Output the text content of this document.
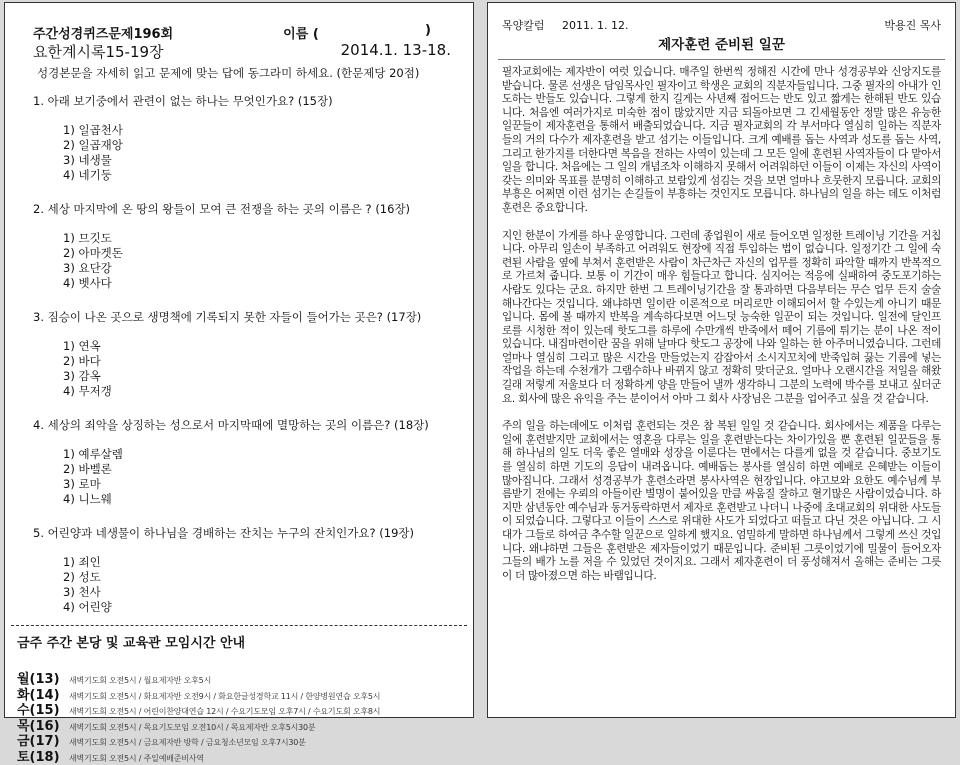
주간성경퀴즈문제196회	이름 (	)
요한계시록15-19장	2014.1. 13-18.
성경본문을 자세히 읽고 문제에 맞는 답에 동그라미 하세요. (한문제당 20점)
1. 아래 보기중에서 관련이 없는 하나는 무엇인가요? (15장)
1) 일곱천사
2) 일곱재앙
3) 네생물
4) 네기둥
2. 세상 마지막에 온 땅의 왕들이 모여 큰 전쟁을 하는 곳의 이름은 ? (16장)
1) 므깃도
2) 아마겟돈
3) 요단강
4) 벳사다
3. 짐승이 나온 곳으로 생명책에 기록되지 못한 자들이 들어가는 곳은? (17장)
1) 연옥
2) 바다
3) 감옥
4) 무저갱
4. 세상의 죄악을 상징하는 성으로서 마지막때에 멸망하는 곳의 이름은? (18장)
1) 예루살렘
2) 바벨론
3) 로마
4) 니느웨
5. 어린양과 네생물이 하나님을 경배하는 잔치는 누구의 잔치인가요? (19장)
1) 죄인
2) 성도
3) 천사
4) 어린양
금주 주간 본당 및 교육관 모임시간 안내
월(13)	새벽기도회 오전5시 / 월요제자반 오후5시
화(14)	새벽기도회 오전5시 / 화요제자반 오전9시 / 화요한글성경학교 11시 / 한양병원연습 오후5시
수(15)	새벽기도회 오전5시 / 어린이찬양대연습 12시 / 수요기도모임 오후7시 / 수요기도회 오후8시
목(16)	새벽기도회 오전5시 / 목요기도모임 오전10시 / 목요제자반 오후5시30분
금(17)	새벽기도회 오전5시 / 금요제자반 방학 / 금요청소년모임 오후7시30분
토(18)	새벽기도회 오전5시 / 주일예배준비사역
목양칼럼 2011. 1. 12.	박용진 목사
제자훈련 준비된 일꾼

필자교회에는 제자반이 여럿 있습니다. 매주일 한번씩 정해진 시간에 만나 성경공부와 신앙지도를 받습니다. 물론 선생은 담임목사인 필자이고 학생은 교회의 직분자들입니다. 그중 필자의 아내가 인도하는 반들도 있습니다. 그렇게 한지 길게는 사년째 접어드는 반도 있고 짧게는 한해된 반도 있습니다. 처음엔 여러가지로 미숙한 점이 많았지만 지금 되돌아보면 그 긴세월동안 정말 많은 유능한 일꾼들이 제자훈련을 통해서 배출되었습니다. 지금 필자교회의 각 부서마다 열심히 일하는 직분자들의 거의 다수가 제자훈련을 받고 섬기는 이들입니다. 크게 예배를 돕는 사역과 성도를 돕는 사역, 그리고 한가지를 더한다면 복음을 전하는 사역이 있는데 그 모든 일에 훈련된 사역자들이 다 맡아서 일을 합니다. 처음에는 그 일의 개념조차 이해하지 못해서 어려워하던 이들이 이제는 자신의 사역이 갖는 의미와 목표를 분명히 이해하고 보람있게 섬김는 것을 보면 얼마나 흐뭇한지 모릅니다. 교회의 부흥은 어쩌면 이런 섬기는 손길들이 부흥하는 것인지도 모릅니다. 하나님의 일을 하는 데도 이처럼 훈련은 중요합니다.

지인 한분이 가게를 하나 운영합니다. 그런데 종업원이 새로 들어오면 일정한 트레이닝 기간을 거칩니다. 아무리 일손이 부족하고 어려워도 현장에 직접 투입하는 법이 없습니다. 일정기간 그 일에 숙련된 사람을 옆에 부쳐서 훈련받은 사람이 차근차근 자신의 업무를 정확히 파악할 때까지 반복적으로 가르쳐 줍니다. 보통 이 기간이 매우 힘들다고 합니다. 심지어는 적응에 실패하여 중도포기하는 사람도 있다는 군요. 하지만 한번 그 트레이닝기간을 잘 통과하면 다음부터는 무슨 업무 든지 술술 해나간다는 것입니다. 왜냐하면 일이란 이론적으로 머리로만 이해되어서 할 수있는게 아니기 때문입니다. 몸에 볼 때까지 반복을 계속하다보면 어느덧 능숙한 일꾼이 되는 것입니다. 일전에 달인프로를 시청한 적이 있는데 핫도그를 하루에 수만개씩 반죽에서 떼어 기름에 튀기는 분이 나온 적이 있습니다. 내집마련이란 꿈을 위해 날마다 핫도그 공장에 나와 일하는 한 아주머니였습니다. 그런데 얼마나 열심히 그리고 많은 시간을 만들었는지 감잡아서 소시지꼬치에 반죽입혀 끓는 기름에 넣는 작업을 하는데 수천개가 그램수하나 바뀌지 않고 정확히 맞더군요. 얼마나 오랜시간을 저일을 해왔길래 저렇게 저울보다 더 정확하게 양을 만들어 낼까 생각하니 그분의 노력에 박수를 보내고 싶더군요. 회사에 많은 유익을 주는 분이어서 아마 그 회사 사장님은 그분을 업어주고 싶을 것 같습니다.

주의 일을 하는데에도 이처럼 훈련되는 것은 참 복된 일일 것 같습니다. 회사에서는 제품을 다루는 일에 훈련받지만 교회에서는 영혼을 다루는 일을 훈련받는다는 차이가있을 뿐 훈련된 일꾼들을 통해 하나님의 일도 더욱 좋은 열매와 성장을 이룬다는 면에서는 다를게 없을 것 같습니다. 중보기도를 열심히 하면 기도의 응답이 내려옵니다. 예배돕는 봉사를 열심히 하면 예배로 은혜받는 이들이 많아집니다. 그래서 성경공부가 훈련소라면 봉사사역은 현장입니다. 야고보와 요한도 예수님께 부름받기 전에는 우뢰의 아들이란 별명이 붙어있을 만큼 싸움질 잘하고 혈기많은 사람이었습니다. 하지만 삼년동안 예수님과 동거동락하면서 제자로 훈련받고 나더니 나중에 초대교회의 위대한 사도들이 되었습니다. 그렇다고 이들이 스스로 위대한 사도가 되었다고 떠들고 다닌 것은 아닙니다. 그 시대가 그들로 하여금 추수할 일꾼으로 일하게 했지요. 엄밀하게 말하면 하나님께서 그렇게 쓰신 것입니다. 왜냐하면 그들은 훈련받은 제자들이었기 때문입니다. 준비된 그릇이었기에 밀물이 들어오자 그들의 배가 노를 저을 수 있었던 것이지요. 그래서 제자훈련이 더 풍성해져서 올해는 준비는 그릇이 더 많아졌으면 하는 바램입니다.
